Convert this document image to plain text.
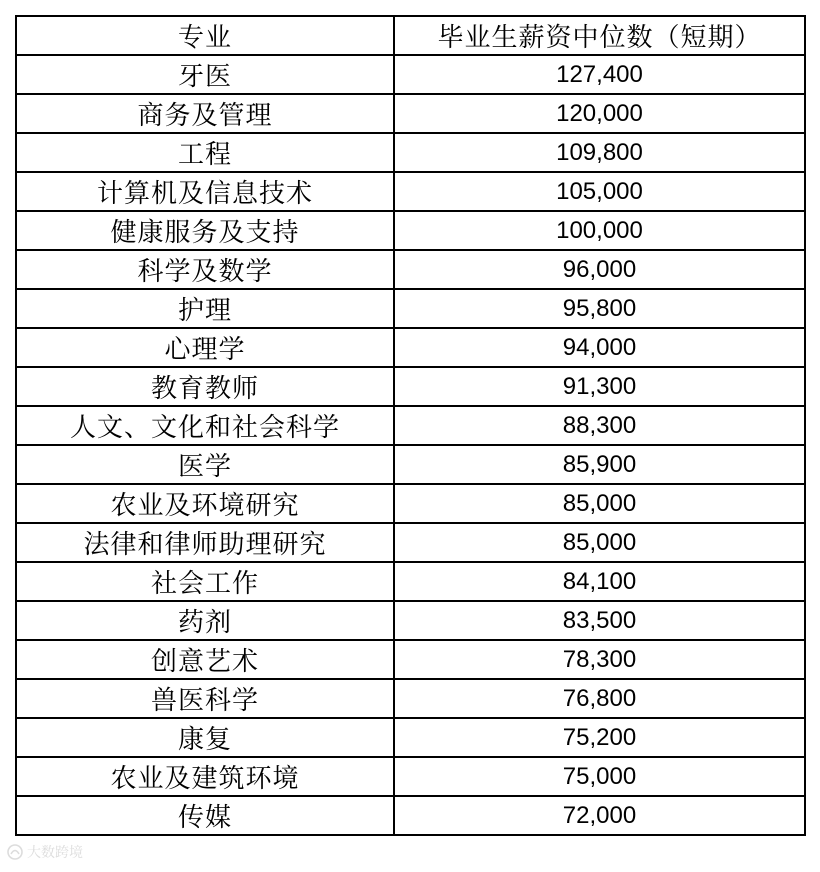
专业	毕业生薪资中位数（短期）
牙医	127,400
商务及管理	120,000
工程	109,800
计算机及信息技术	105,000
健康服务及支持	100,000
科学及数学	96,000
护理	95,800
心理学	94,000
教育教师	91,300
人文、文化和社会科学	88,300
医学	85,900
农业及环境研究	85,000
法律和律师助理研究	85,000
社会工作	84,100
药剂	83,500
创意艺术	78,300
兽医科学	76,800
康复	75,200
农业及建筑环境	75,000
传媒	72,000
大数跨境
